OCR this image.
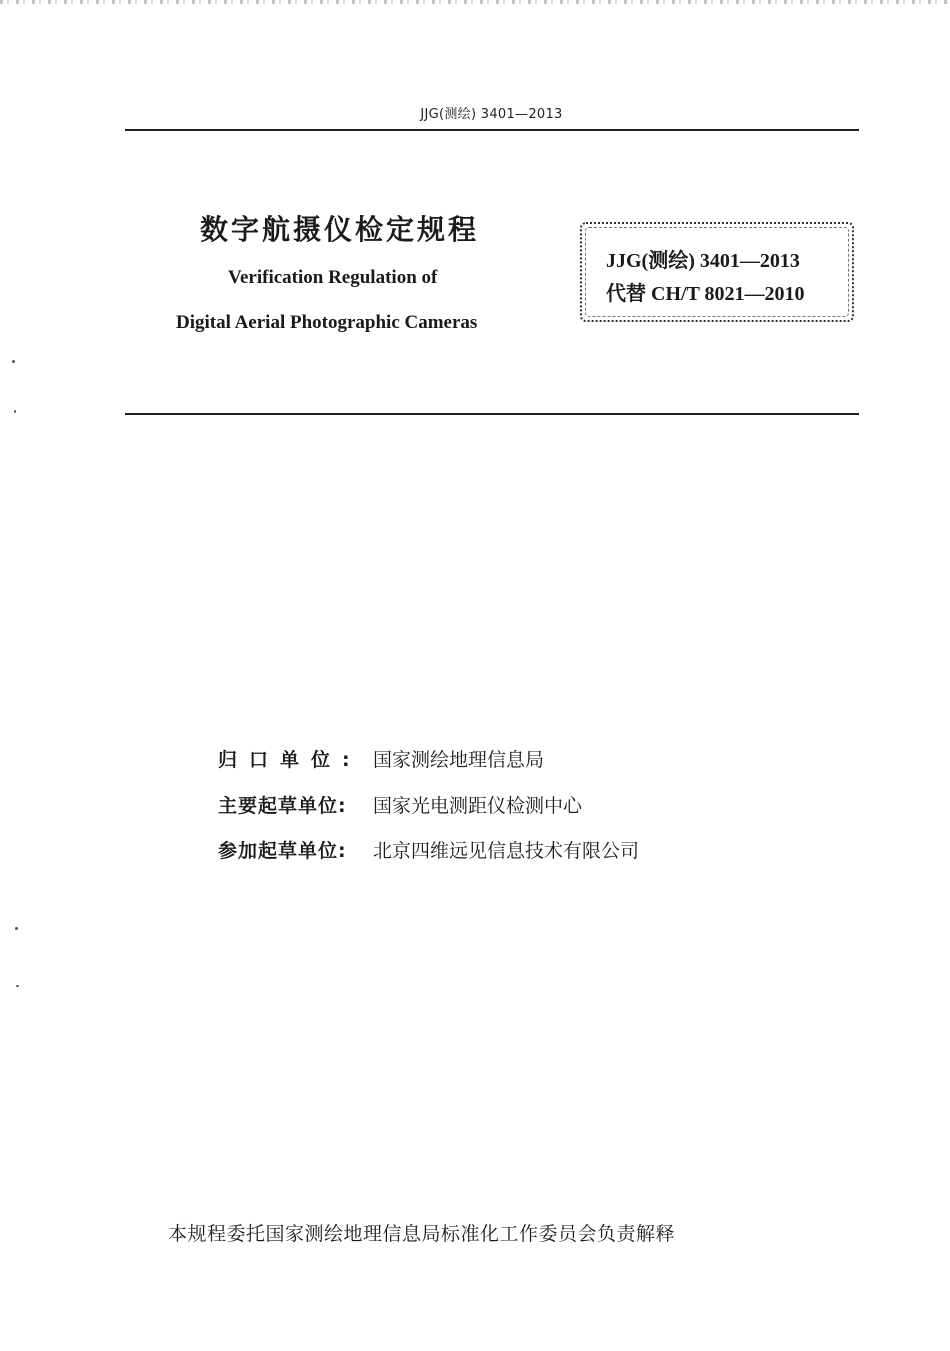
JJG(测绘) 3401—2013
数字航摄仪检定规程
Verification Regulation of
Digital Aerial Photographic Cameras
JJG(测绘) 3401—2013
代替 CH/T 8021—2010
归口单位: 国家测绘地理信息局
主要起草单位: 国家光电测距仪检测中心
参加起草单位: 北京四维远见信息技术有限公司
本规程委托国家测绘地理信息局标准化工作委员会负责解释
